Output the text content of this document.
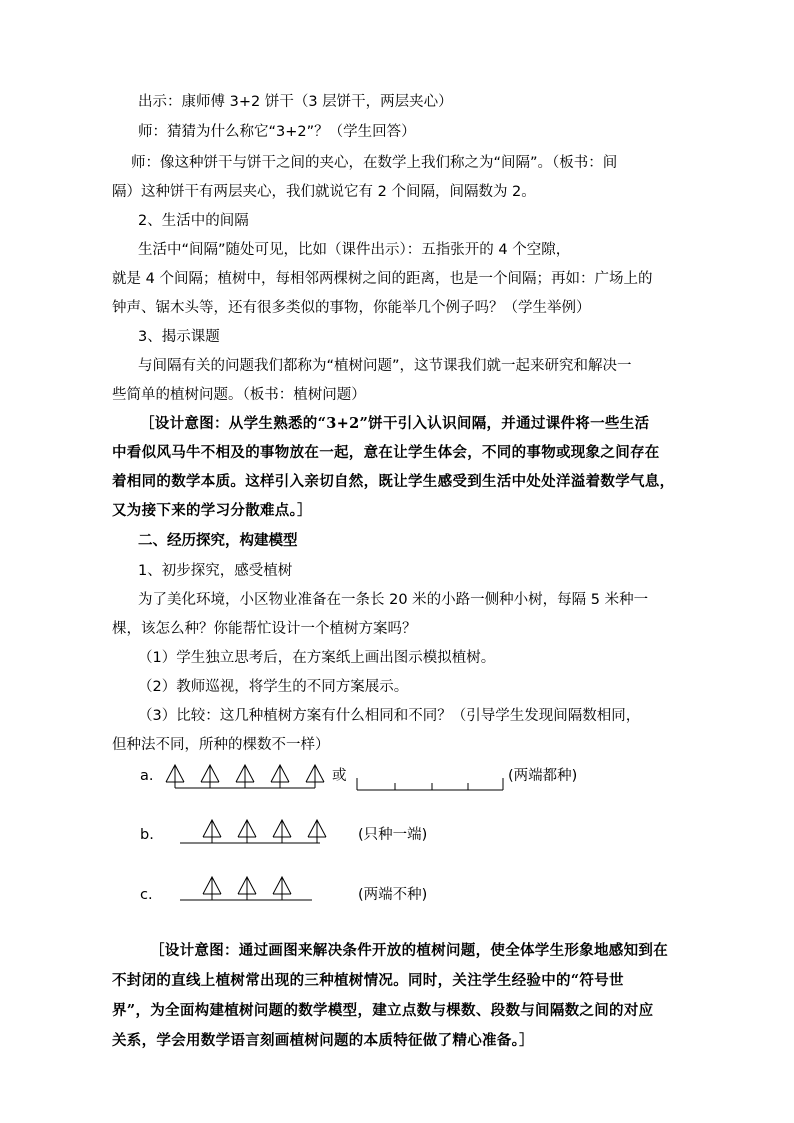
出示：康师傅 3+2 饼干（3 层饼干，两层夹心）
师：猜猜为什么称它“3+2”？（学生回答）
师：像这种饼干与饼干之间的夹心，在数学上我们称之为“间隔”。（板书：间
隔）这种饼干有两层夹心，我们就说它有 2 个间隔，间隔数为 2。
2、生活中的间隔
生活中“间隔”随处可见，比如（课件出示）：五指张开的 4 个空隙，
就是 4 个间隔；植树中，每相邻两棵树之间的距离，也是一个间隔；再如：广场上的
钟声、锯木头等，还有很多类似的事物，你能举几个例子吗？（学生举例）
3、揭示课题
与间隔有关的问题我们都称为“植树问题”，这节课我们就一起来研究和解决一
些简单的植树问题。（板书：植树问题）
［设计意图：从学生熟悉的“3+2”饼干引入认识间隔，并通过课件将一些生活
中看似风马牛不相及的事物放在一起，意在让学生体会，不同的事物或现象之间存在
着相同的数学本质。这样引入亲切自然，既让学生感受到生活中处处洋溢着数学气息，
又为接下来的学习分散难点。］
二、经历探究，构建模型
1、初步探究，感受植树
为了美化环境，小区物业准备在一条长 20 米的小路一侧种小树，每隔 5 米种一
棵，该怎么种？你能帮忙设计一个植树方案吗？
（1）学生独立思考后，在方案纸上画出图示模拟植树。
（2）教师巡视，将学生的不同方案展示。
（3）比较：这几种植树方案有什么相同和不同？（引导学生发现间隔数相同，
但种法不同，所种的棵数不一样）
a.	或	(两端都种)
b.	(只种一端)
c.	(两端不种)
［设计意图：通过画图来解决条件开放的植树问题，使全体学生形象地感知到在
不封闭的直线上植树常出现的三种植树情况。同时，关注学生经验中的“符号世
界”，为全面构建植树问题的数学模型，建立点数与棵数、段数与间隔数之间的对应
关系，学会用数学语言刻画植树问题的本质特征做了精心准备。］
